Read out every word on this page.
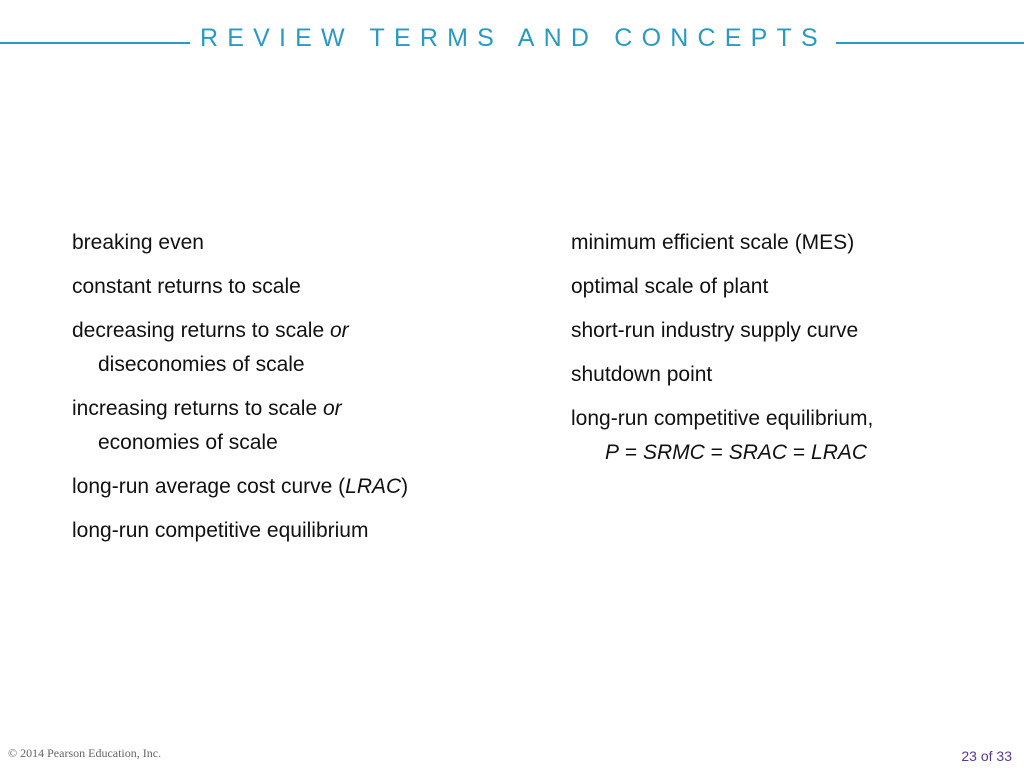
REVIEW TERMS AND CONCEPTS

breaking even

constant returns to scale

decreasing returns to scale or
diseconomies of scale

increasing returns to scale or
economies of scale

long-run average cost curve (LRAC)

long-run competitive equilibrium

minimum efficient scale (MES)

optimal scale of plant

short-run industry supply curve

shutdown point

long-run competitive equilibrium,
P = SRMC = SRAC = LRAC

© 2014 Pearson Education, Inc.	23 of 33
